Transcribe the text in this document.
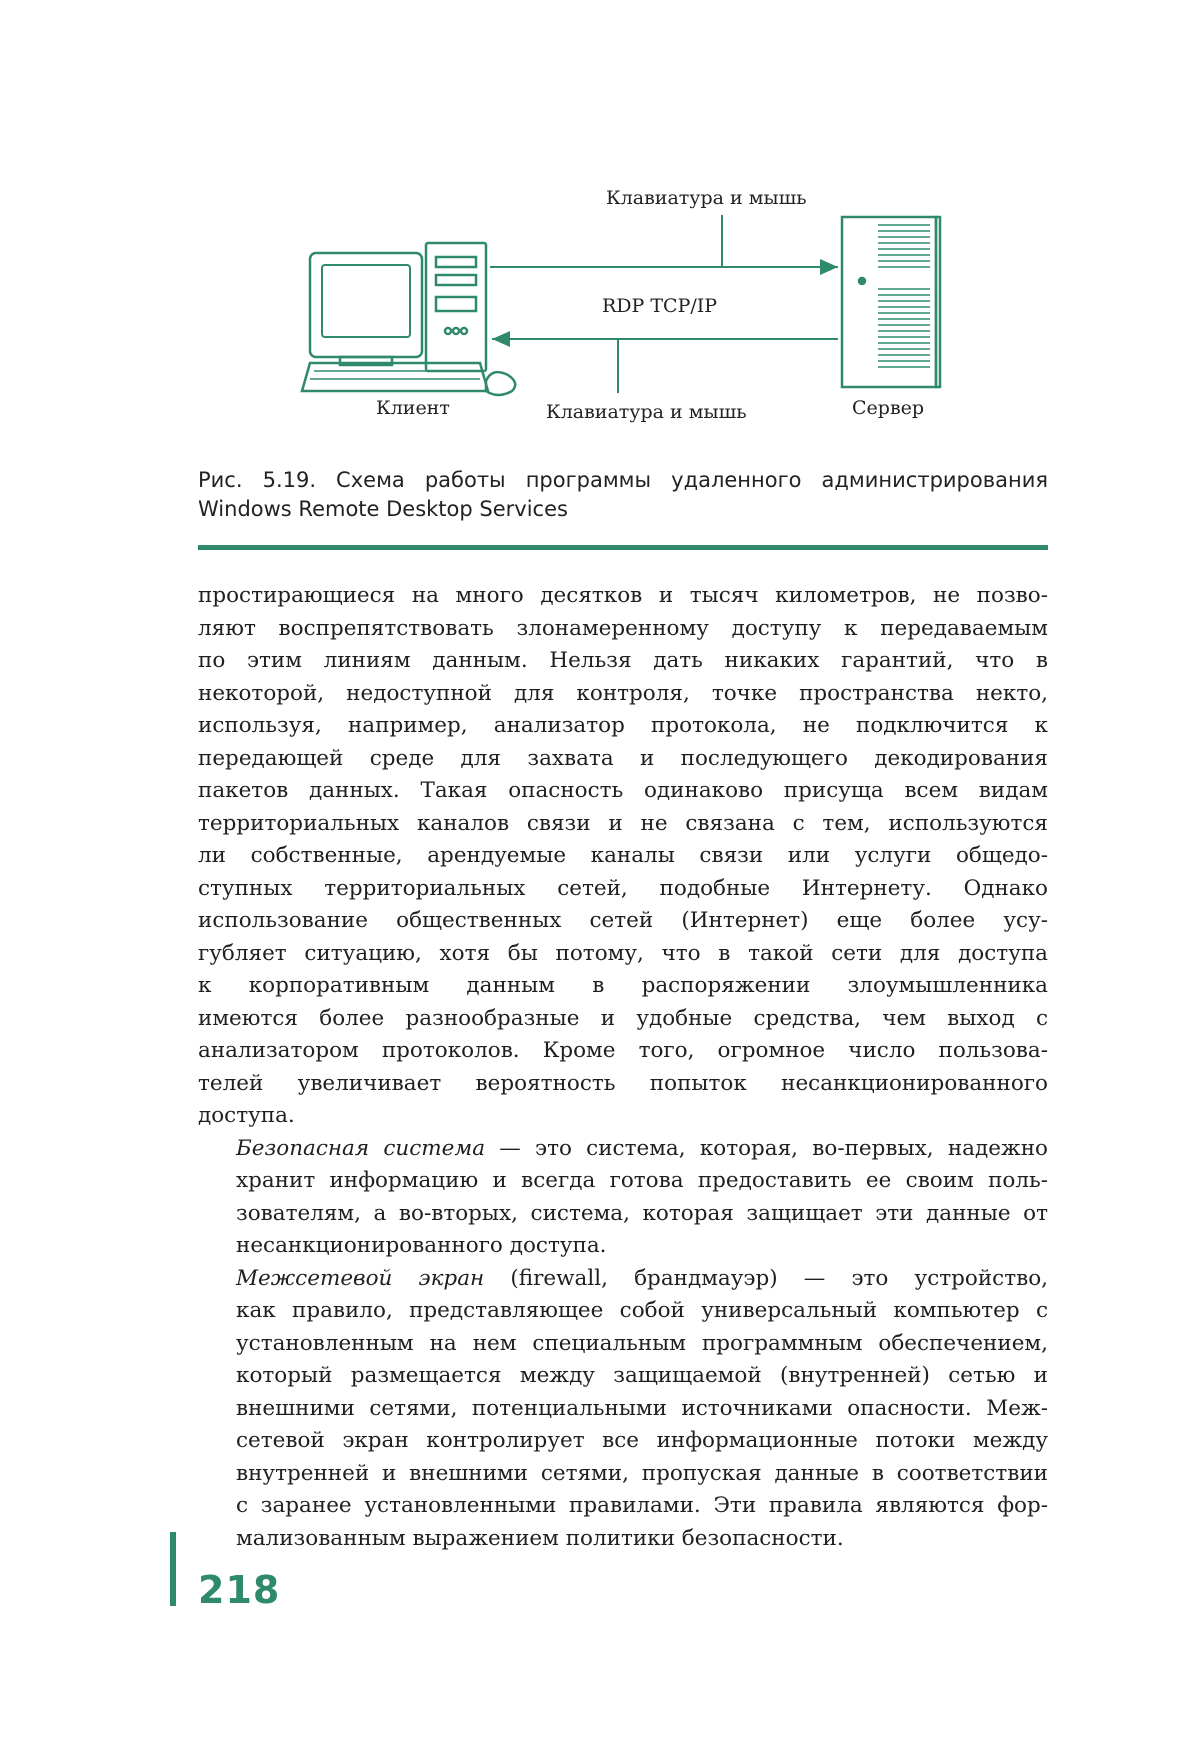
Клавиатура и мышь
RDP TCP/IP
Клавиатура и мышь
Клиент	Сервер
Рис. 5.19. Схема работы программы удаленного администрирования Windows Remote Desktop Services

простирающиеся на много десятков и тысяч километров, не позво-
ляют воспрепятствовать злонамеренному доступу к передаваемым
по этим линиям данным. Нельзя дать никаких гарантий, что в
некоторой, недоступной для контроля, точке пространства некто,
используя, например, анализатор протокола, не подключится к
передающей среде для захвата и последующего декодирования
пакетов данных. Такая опасность одинаково присуща всем видам
территориальных каналов связи и не связана с тем, используются
ли собственные, арендуемые каналы связи или услуги общедо-
ступных территориальных сетей, подобные Интернету. Однако
использование общественных сетей (Интернет) еще более усу-
губляет ситуацию, хотя бы потому, что в такой сети для доступа
к корпоративным данным в распоряжении злоумышленника
имеются более разнообразные и удобные средства, чем выход с
анализатором протоколов. Кроме того, огромное число пользова-
телей увеличивает вероятность попыток несанкционированного
доступа.

Безопасная система — это система, которая, во-первых, надежно
хранит информацию и всегда готова предоставить ее своим поль-
зователям, а во-вторых, система, которая защищает эти данные от
несанкционированного доступа.

Межсетевой экран (firewall, брандмауэр) — это устройство,
как правило, представляющее собой универсальный компьютер с
установленным на нем специальным программным обеспечением,
который размещается между защищаемой (внутренней) сетью и
внешними сетями, потенциальными источниками опасности. Меж-
сетевой экран контролирует все информационные потоки между
внутренней и внешними сетями, пропуская данные в соответствии
с заранее установленными правилами. Эти правила являются фор-
мализованным выражением политики безопасности.

218
